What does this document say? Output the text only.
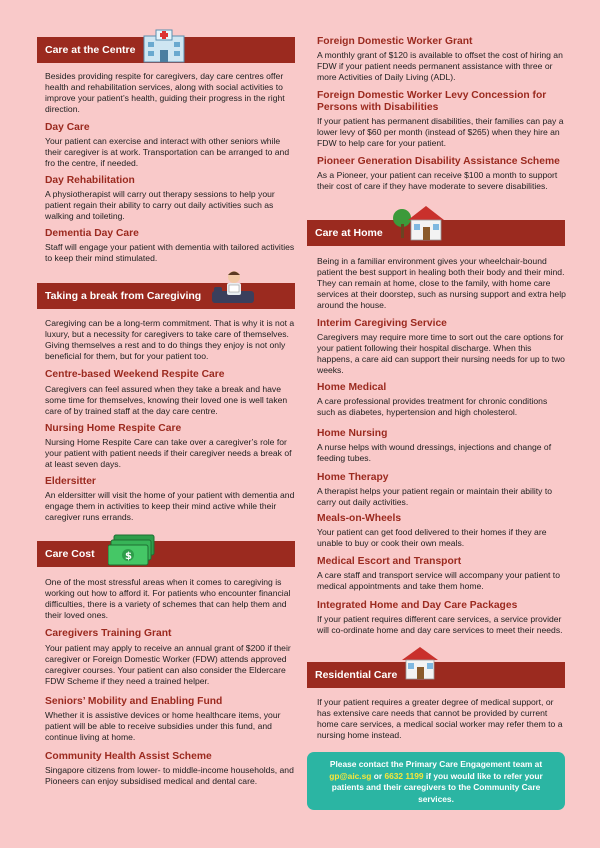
Care at the Centre
Besides providing respite for caregivers, day care centres offer health and rehabilitation services, along with social activities to improve your patient’s health, guiding their progress in the right direction.
Day Care
Your patient can exercise and interact with other seniors while their caregiver is at work. Transportation can be arranged to and fro the centre, if needed.
Day Rehabilitation
A physiotherapist will carry out therapy sessions to help your patient regain their ability to carry out daily activities such as walking and toileting.
Dementia Day Care
Staff will engage your patient with dementia with tailored activities to keep their mind stimulated.
Taking a break from Caregiving
Caregiving can be a long-term commitment. That is why it is not a luxury, but a necessity for caregivers to take care of themselves. Giving themselves a rest and to do things they enjoy is not only beneficial for them, but for your patient too.
Centre-based Weekend Respite Care
Caregivers can feel assured when they take a break and have some time for themselves, knowing their loved one is well taken care of by trained staff at the day care centre.
Nursing Home Respite Care
Nursing Home Respite Care can take over a caregiver’s role for your patient with patient needs if their caregiver needs a break of at least seven days.
Eldersitter
An eldersitter will visit the home of your patient with dementia and engage them in activities to keep their mind active while their caregiver runs errands.
Care Cost	$
One of the most stressful areas when it comes to caregiving is working out how to afford it. For patients who encounter financial difficulties, there is a variety of schemes that can help them and their loved ones.
Caregivers Training Grant
Your patient may apply to receive an annual grant of $200 if their caregiver or Foreign Domestic Worker (FDW) attends approved caregiver courses. Your patient can also consider the Eldercare FDW Scheme if they need a trained helper.
Seniors’ Mobility and Enabling Fund
Whether it is assistive devices or home healthcare items, your patient will be able to receive subsidies under this fund, and continue living at home.
Community Health Assist Scheme
Singapore citizens from lower- to middle-income households, and Pioneers can enjoy subsidised medical and dental care.
Foreign Domestic Worker Grant
A monthly grant of $120 is available to offset the cost of hiring an FDW if your patient needs permanent assistance with three or more Activities of Daily Living (ADL).
Foreign Domestic Worker Levy Concession for Persons with Disabilities
If your patient has permanent disabilities, their families can pay a lower levy of $60 per month (instead of $265) when they hire an FDW to help care for your patient.
Pioneer Generation Disability Assistance Scheme
As a Pioneer, your patient can receive $100 a month to support their cost of care if they have moderate to severe disabilities.
Care at Home
Being in a familiar environment gives your wheelchair-bound patient the best support in healing both their body and their mind. They can remain at home, close to the family, with home care services at their doorstep, such as nursing support and extra help around the house.
Interim Caregiving Service
Caregivers may require more time to sort out the care options for your patient following their hospital discharge. When this happens, a care aid can support their nursing needs for up to two weeks.
Home Medical
A care professional provides treatment for chronic conditions such as diabetes, hypertension and high cholesterol.
Home Nursing
A nurse helps with wound dressings, injections and change of feeding tubes.
Home Therapy
A therapist helps your patient regain or maintain their ability to carry out daily activities.
Meals-on-Wheels
Your patient can get food delivered to their homes if they are unable to buy or cook their own meals.
Medical Escort and Transport
A care staff and transport service will accompany your patient to medical appointments and take them home.
Integrated Home and Day Care Packages
If your patient requires different care services, a service provider will co-ordinate home and day care services to meet their needs.
Residential Care
If your patient requires a greater degree of medical support, or has extensive care needs that cannot be provided by current home care services, a medical social worker may refer them to a nursing home instead.
Please contact the Primary Care Engagement team at gp@aic.sg or 6632 1199 if you would like to refer your patients and their caregivers to the Community Care services.
